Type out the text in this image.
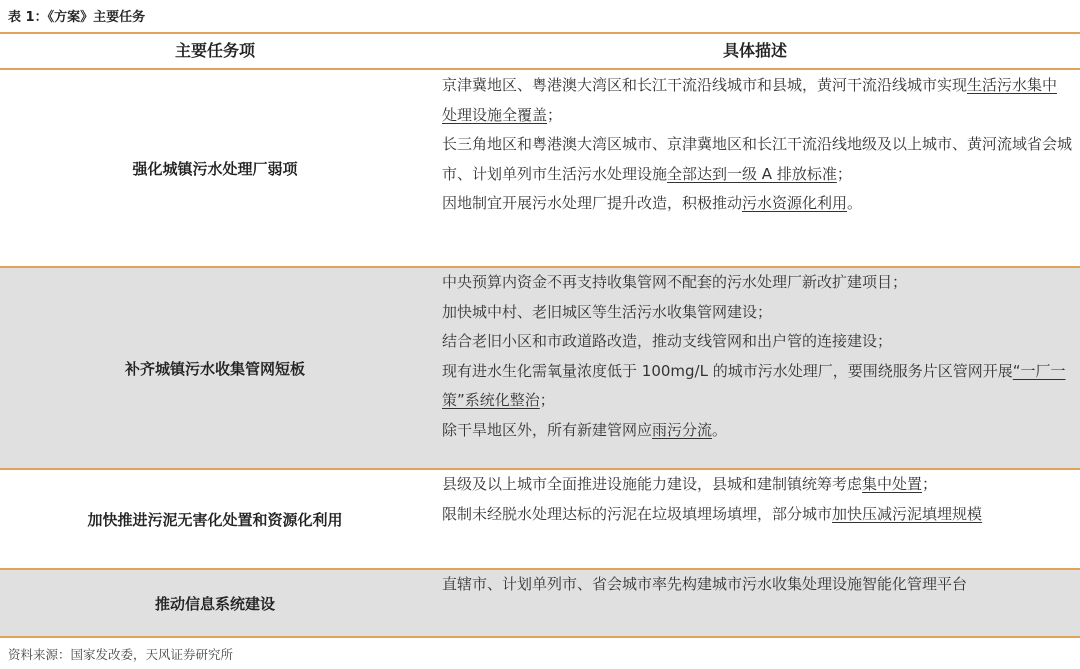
表 1：《方案》主要任务
主要任务项	具体描述
强化城镇污水处理厂弱项

京津冀地区、粤港澳大湾区和长江干流沿线城市和县城，黄河干流沿线城市实现生活污水集中处理设施全覆盖；

长三角地区和粤港澳大湾区城市、京津冀地区和长江干流沿线地级及以上城市、黄河流域省会城市、计划单列市生活污水处理设施全部达到一级 A 排放标准；

因地制宜开展污水处理厂提升改造，积极推动污水资源化利用。

补齐城镇污水收集管网短板

中央预算内资金不再支持收集管网不配套的污水处理厂新改扩建项目；

加快城中村、老旧城区等生活污水收集管网建设；

结合老旧小区和市政道路改造，推动支线管网和出户管的连接建设；

现有进水生化需氧量浓度低于 100mg/L 的城市污水处理厂，要围绕服务片区管网开展“一厂一策”系统化整治；

除干旱地区外，所有新建管网应雨污分流。

加快推进污泥无害化处置和资源化利用

县级及以上城市全面推进设施能力建设，县城和建制镇统筹考虑集中处置；

限制未经脱水处理达标的污泥在垃圾填埋场填埋，部分城市加快压减污泥填埋规模

推动信息系统建设

直辖市、计划单列市、省会城市率先构建城市污水收集处理设施智能化管理平台

资料来源：国家发改委，天风证券研究所
